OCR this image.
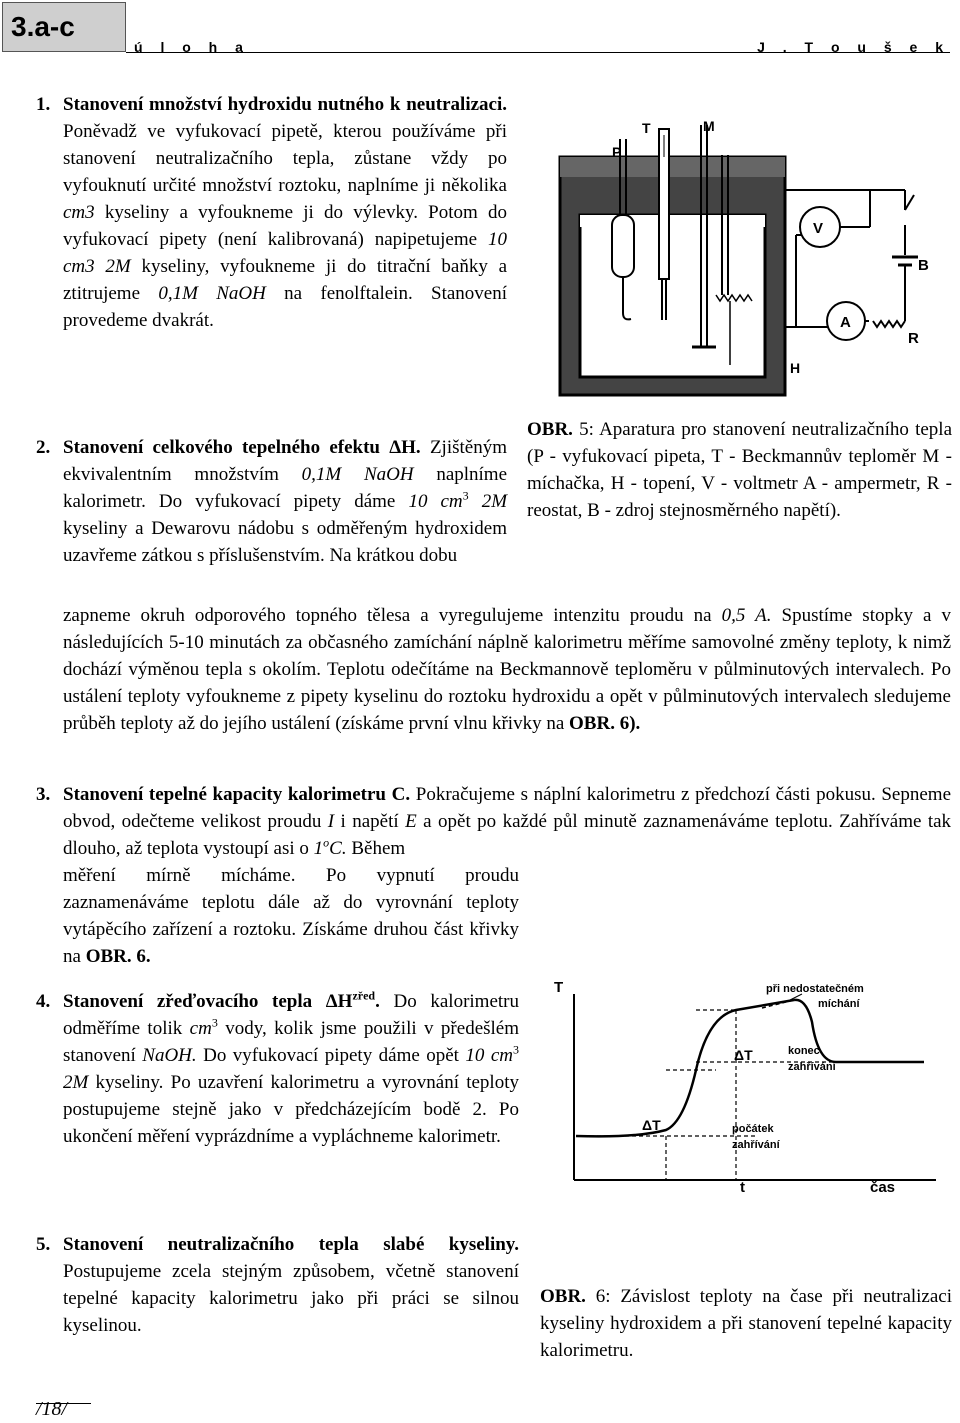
3.a-c
ú l o h a	J . T o u š e k
1. Stanovení množství hydroxidu nutného k neutralizaci. Poněvadž ve vyfukovací pipetě, kterou používáme při stanovení neutralizačního tepla, zůstane vždy po vyfouknutí určité množství roztoku, naplníme ji několika cm3 kyseliny a vyfoukneme ji do výlevky. Potom do vyfukovací pipety (není kalibrovaná) napipetujeme 10 cm3 2M kyseliny, vyfoukneme ji do titrační baňky a ztitrujeme 0,1M NaOH na fenolftalein. Stanovení provedeme dvakrát.

2. Stanovení celkového tepelného efektu ΔH. Zjištěným ekvivalentním množstvím 0,1M NaOH naplníme kalorimetr. Do vyfukovací pipety dáme 10 $cm^3$ 2M kyseliny a Dewarovu nádobu s odměřeným hydroxidem uzavřeme zátkou s příslušenstvím. Na krátkou dobu

zapneme okruh odporového topného tělesa a vyregulujeme intenzitu proudu na 0,5 A. Spustíme stopky a v následujících 5-10 minutách za občasného zamíchání náplně kalorimetru měříme samovolné změny teploty, k nimž dochází výměnou tepla s okolím. Teplotu odečítáme na Beckmannově teploměru v půlminutových intervalech. Po ustálení teploty vyfoukneme z pipety kyselinu do roztoku hydroxidu a opět v půlminutových intervalech sledujeme průběh teploty až do jejího ustálení (získáme první vlnu křivky na OBR. 6).

3. Stanovení tepelné kapacity kalorimetru C. Pokračujeme s náplní kalorimetru z předchozí části pokusu. Sepneme obvod, odečteme velikost proudu I i napětí E a opět po každé půl minutě zaznamenáváme teplotu. Zahříváme tak dlouho, až teplota vystoupí asi o 1$^o$C. Během

měření mírně mícháme. Po vypnutí proudu zaznamenáváme teplotu dále až do vyrovnání teploty vytápěcího zařízení a roztoku. Získáme druhou část křivky na OBR. 6.

4. Stanovení zřeďovacího tepla $\Delta H^{zřed}$. Do kalorimetru odměříme tolik $cm^3$ vody, kolik jsme použili v předešlém stanovení NaOH. Do vyfukovací pipety dáme opět 10 $cm^3$ 2M kyseliny. Po uzavření kalorimetru a vyrovnání teploty postupujeme stejně jako v předcházejícím bodě 2. Po ukončení měření vyprázdníme a vypláchneme kalorimetr.

5. Stanovení neutralizačního tepla slabé kyseliny. Postupujeme zcela stejným způsobem, včetně stanovení tepelné kapacity kalorimetru jako při práci se silnou kyselinou.

P
T	M
V
B
A
R
H
OBR. 5: Aparatura pro stanovení neutralizačního tepla (P - vyfukovací pipeta, T - Beckmannův teploměr M - míchačka, H - topení, V - voltmetr A - ampermetr, R - reostat, B - zdroj stejnosměrného napětí).
T
t	čas
ΔT
ΔT
při nedostatečném
míchání
konec
zahřívání
počátek
zahřívání
OBR. 6: Závislost teploty na čase při neutralizaci kyseliny hydroxidem a při stanovení tepelné kapacity kalorimetru.
/18/
